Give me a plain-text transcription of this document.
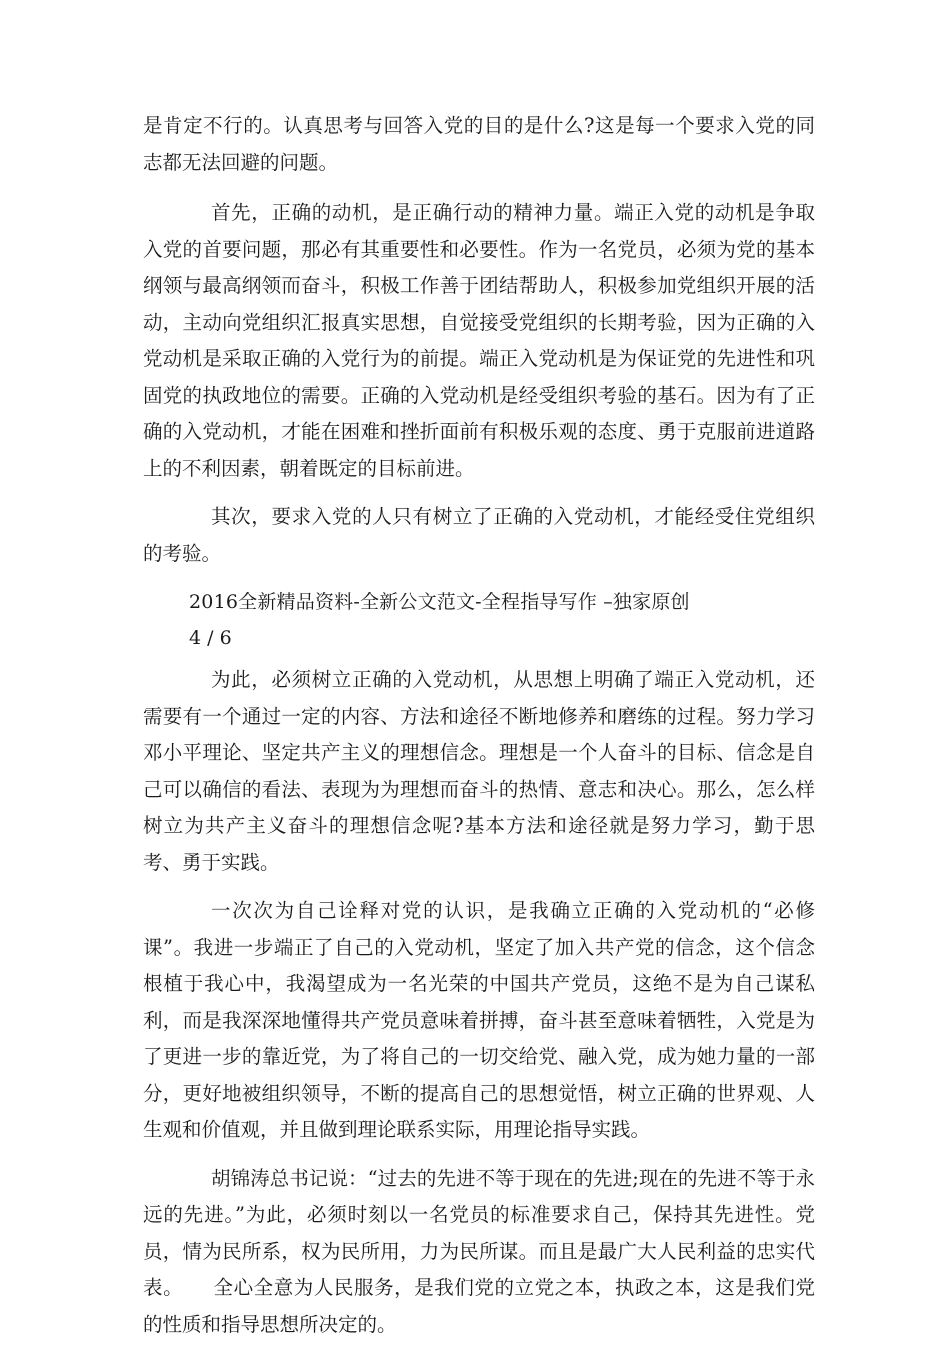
是肯定不行的。认真思考与回答入党的目的是什么?这是每一个要求入党的同志都无法回避的问题。

首先，正确的动机，是正确行动的精神力量。端正入党的动机是争取入党的首要问题，那必有其重要性和必要性。作为一名党员，必须为党的基本纲领与最高纲领而奋斗，积极工作善于团结帮助人，积极参加党组织开展的活动，主动向党组织汇报真实思想，自觉接受党组织的长期考验，因为正确的入党动机是采取正确的入党行为的前提。端正入党动机是为保证党的先进性和巩固党的执政地位的需要。正确的入党动机是经受组织考验的基石。因为有了正确的入党动机，才能在困难和挫折面前有积极乐观的态度、勇于克服前进道路上的不利因素，朝着既定的目标前进。

其次，要求入党的人只有树立了正确的入党动机，才能经受住党组织的考验。

2016全新精品资料-全新公文范文-全程指导写作 –独家原创
4 / 6

为此，必须树立正确的入党动机，从思想上明确了端正入党动机，还需要有一个通过一定的内容、方法和途径不断地修养和磨练的过程。努力学习邓小平理论、坚定共产主义的理想信念。理想是一个人奋斗的目标、信念是自己可以确信的看法、表现为为理想而奋斗的热情、意志和决心。那么，怎么样树立为共产主义奋斗的理想信念呢?基本方法和途径就是努力学习，勤于思考、勇于实践。

一次次为自己诠释对党的认识，是我确立正确的入党动机的“必修课”。我进一步端正了自己的入党动机，坚定了加入共产党的信念，这个信念根植于我心中，我渴望成为一名光荣的中国共产党员，这绝不是为自己谋私利，而是我深深地懂得共产党员意味着拼搏，奋斗甚至意味着牺牲，入党是为了更进一步的靠近党，为了将自己的一切交给党、融入党，成为她力量的一部分，更好地被组织领导，不断的提高自己的思想觉悟，树立正确的世界观、人生观和价值观，并且做到理论联系实际，用理论指导实践。

胡锦涛总书记说：“过去的先进不等于现在的先进;现在的先进不等于永远的先进。”为此，必须时刻以一名党员的标准要求自己，保持其先进性。党员，情为民所系，权为民所用，力为民所谋。而且是最广大人民利益的忠实代表。　　全心全意为人民服务，是我们党的立党之本，执政之本，这是我们党的性质和指导思想所决定的。
